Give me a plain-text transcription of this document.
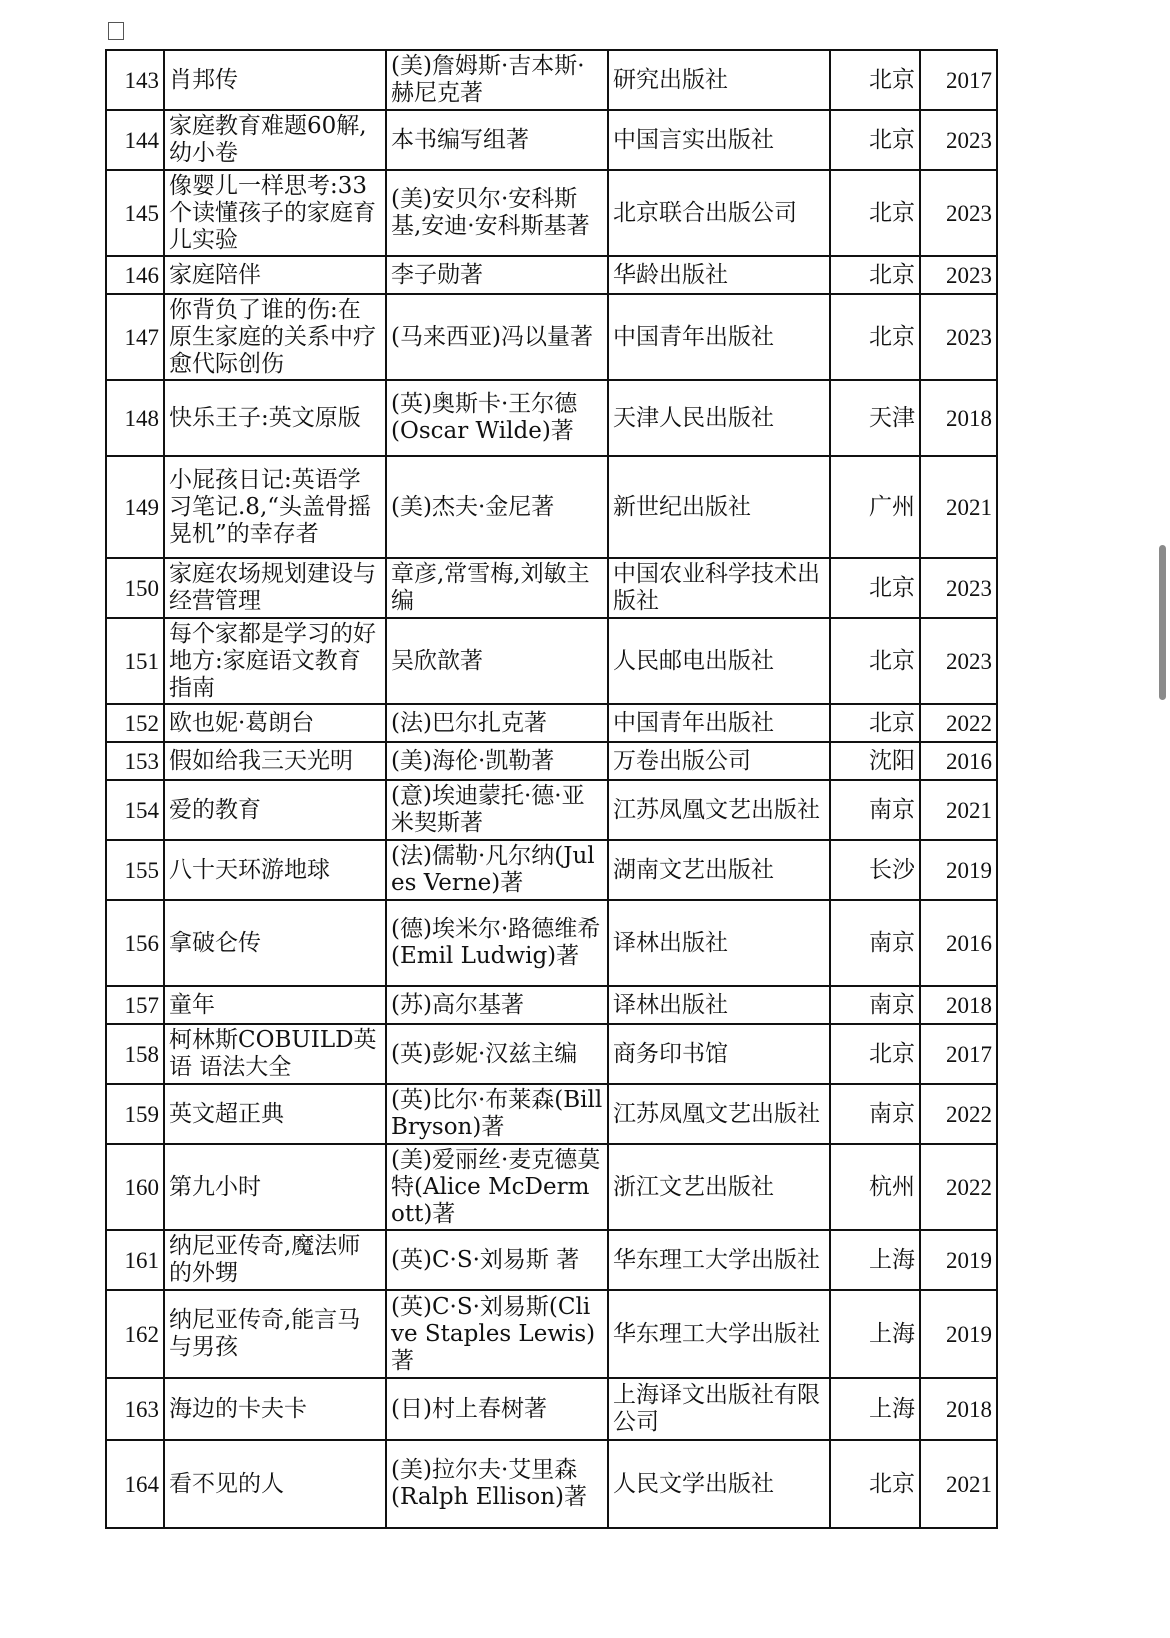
143	肖邦传	(美)詹姆斯·吉本斯·赫尼克著	研究出版社	北京	2017
144	家庭教育难题60解,幼小卷	本书编写组著	中国言实出版社	北京	2023
145	像婴儿一样思考:33个读懂孩子的家庭育儿实验	(美)安贝尔·安科斯基,安迪·安科斯基著	北京联合出版公司	北京	2023
146	家庭陪伴	李子勋著	华龄出版社	北京	2023
147	你背负了谁的伤:在原生家庭的关系中疗愈代际创伤	(马来西亚)冯以量著	中国青年出版社	北京	2023
148	快乐王子:英文原版	(英)奥斯卡·王尔德(Oscar Wilde)著	天津人民出版社	天津	2018
149	小屁孩日记:英语学习笔记.8,“头盖骨摇晃机”的幸存者	(美)杰夫·金尼著	新世纪出版社	广州	2021
150	家庭农场规划建设与经营管理	章彦,常雪梅,刘敏主编	中国农业科学技术出版社	北京	2023
151	每个家都是学习的好地方:家庭语文教育指南	吴欣歆著	人民邮电出版社	北京	2023
152	欧也妮·葛朗台	(法)巴尔扎克著	中国青年出版社	北京	2022
153	假如给我三天光明	(美)海伦·凯勒著	万卷出版公司	沈阳	2016
154	爱的教育	(意)埃迪蒙托·德·亚米契斯著	江苏凤凰文艺出版社	南京	2021
155	八十天环游地球	(法)儒勒·凡尔纳(Jules Verne)著	湖南文艺出版社	长沙	2019
156	拿破仑传	(德)埃米尔·路德维希(Emil Ludwig)著	译林出版社	南京	2016
157	童年	(苏)高尔基著	译林出版社	南京	2018
158	柯林斯COBUILD英语 语法大全	(英)彭妮·汉兹主编	商务印书馆	北京	2017
159	英文超正典	(英)比尔·布莱森(Bill Bryson)著	江苏凤凰文艺出版社	南京	2022
160	第九小时	(美)爱丽丝·麦克德莫特(Alice McDermott)著	浙江文艺出版社	杭州	2022
161	纳尼亚传奇,魔法师的外甥	(英)C·S·刘易斯 著	华东理工大学出版社	上海	2019
162	纳尼亚传奇,能言马与男孩	(英)C·S·刘易斯(Clive Staples Lewis)著	华东理工大学出版社	上海	2019
163	海边的卡夫卡	(日)村上春树著	上海译文出版社有限公司	上海	2018
164	看不见的人	(美)拉尔夫·艾里森(Ralph Ellison)著	人民文学出版社	北京	2021
